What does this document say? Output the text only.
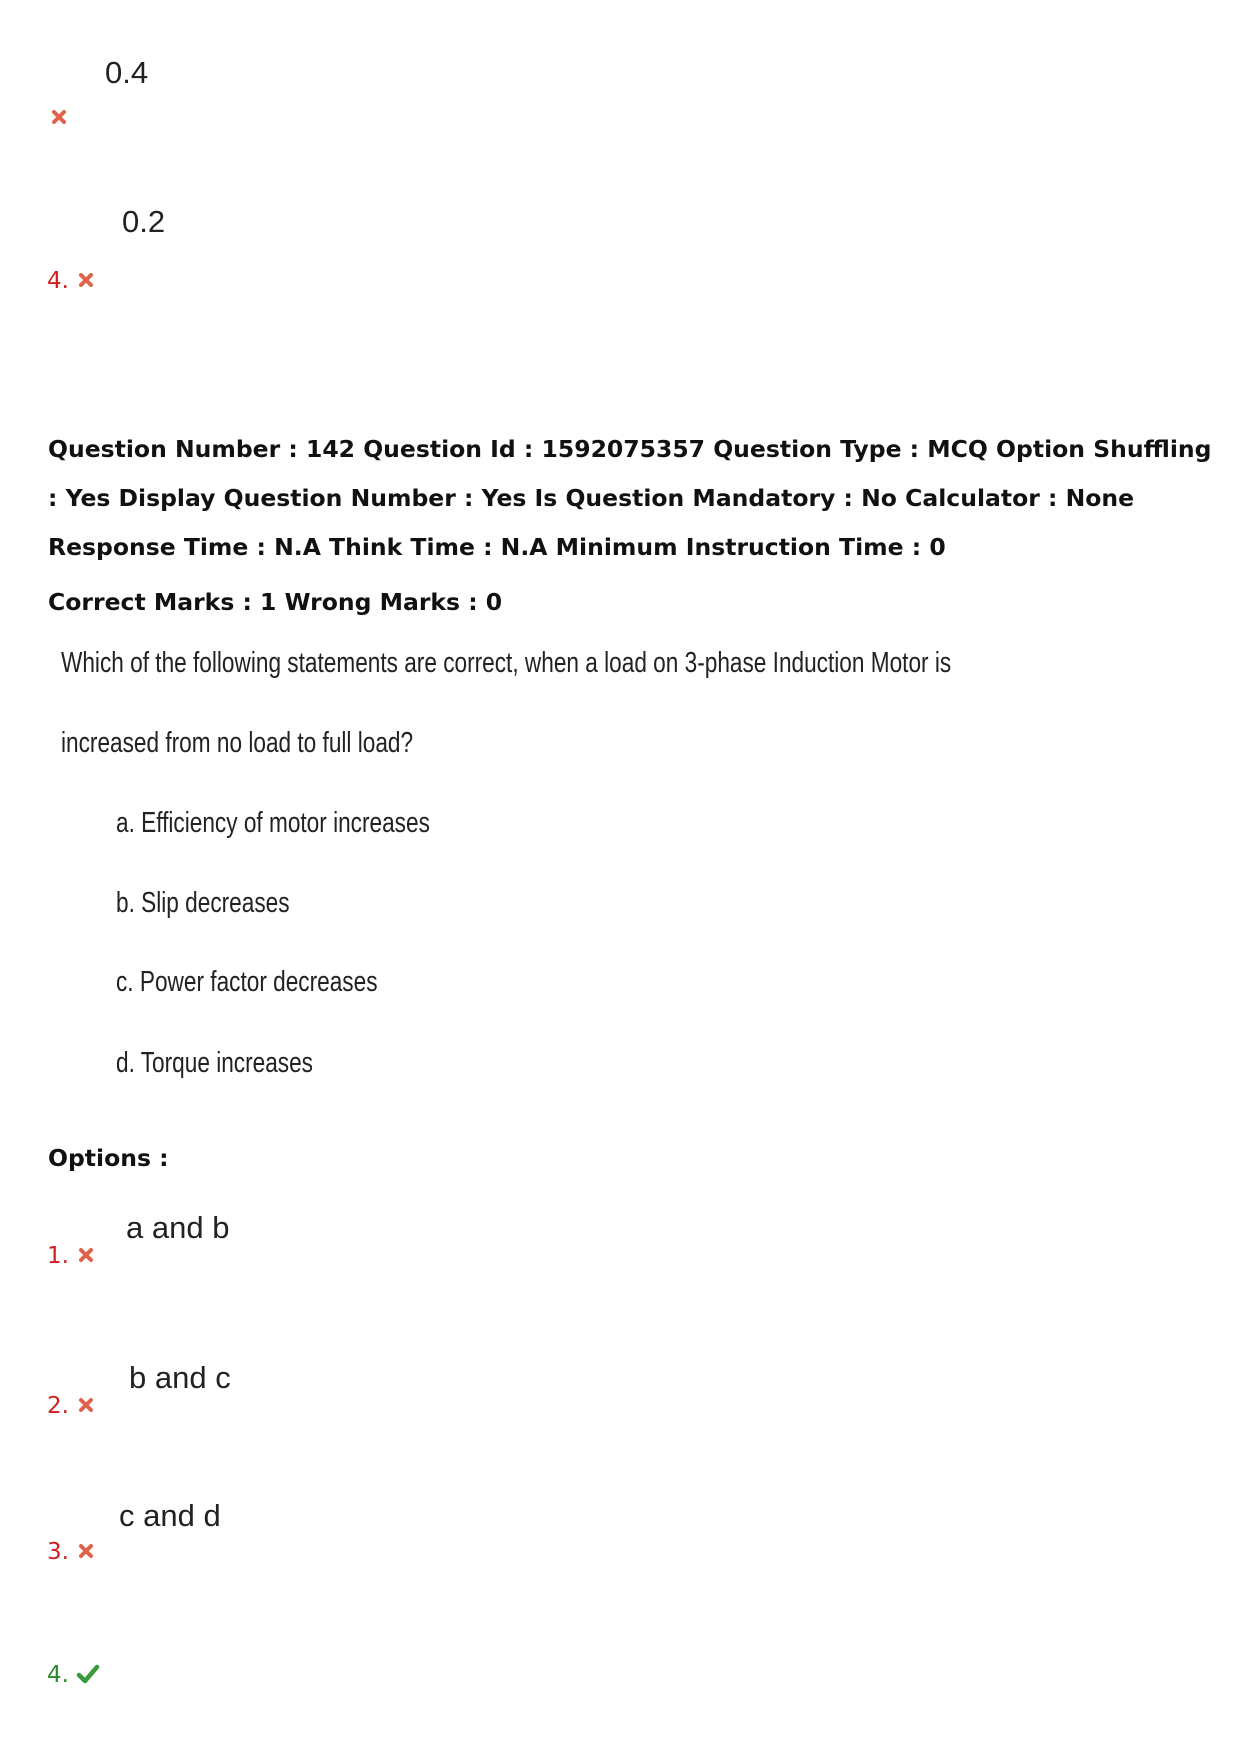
0.4
0.2
4.
Question Number : 142 Question Id : 1592075357 Question Type : MCQ Option Shuffling : Yes Display Question Number : Yes Is Question Mandatory : No Calculator : None Response Time : N.A Think Time : N.A Minimum Instruction Time : 0
Correct Marks : 1 Wrong Marks : 0
Which of the following statements are correct, when a load on 3-phase Induction Motor is
increased from no load to full load?
a. Efficiency of motor increases
b. Slip decreases
c. Power factor decreases
d. Torque increases
Options :
a and b
1.
b and c
2.
c and d
3.
4.
